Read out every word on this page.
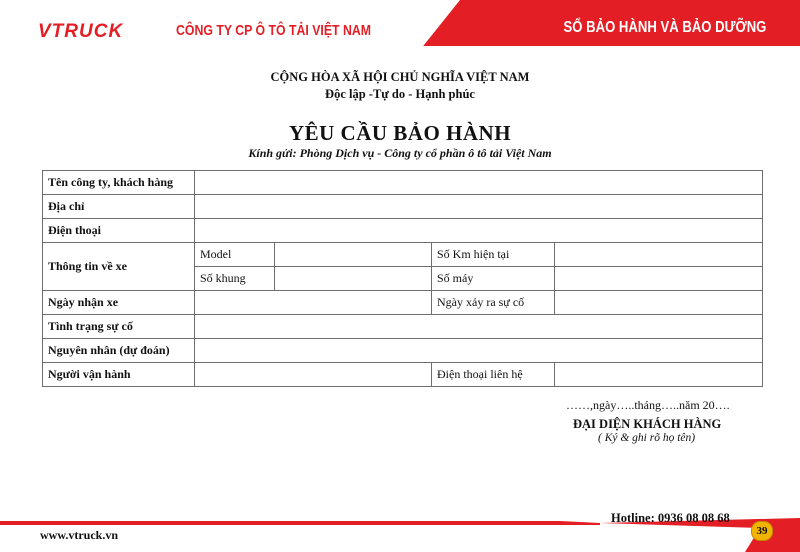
VTRUCK	CÔNG TY CP Ô TÔ TẢI VIỆT NAM	SỔ BẢO HÀNH VÀ BẢO DƯỠNG
CỘNG HÒA XÃ HỘI CHỦ NGHĨA VIỆT NAM
Độc lập -Tự do - Hạnh phúc
YÊU CẦU BẢO HÀNH
Kính gửi: Phòng Dịch vụ - Công ty cổ phần ô tô tải Việt Nam
Tên công ty, khách hàng				
Địa chỉ				
Điện thoại				
Thông tin về xe	Model		Số Km hiện tại	
	Số khung		Số máy	
Ngày nhận xe			Ngày xảy ra sự cố	
Tình trạng sự cố				
Nguyên nhân (dự đoán)				
Người vận hành			Điện thoại liên hệ	
……,ngày…..tháng…..năm 20….
ĐẠI DIỆN KHÁCH HÀNG
( Ký & ghi rõ họ tên)
Hotline: 0936 08 08 68
www.vtruck.vn	39
